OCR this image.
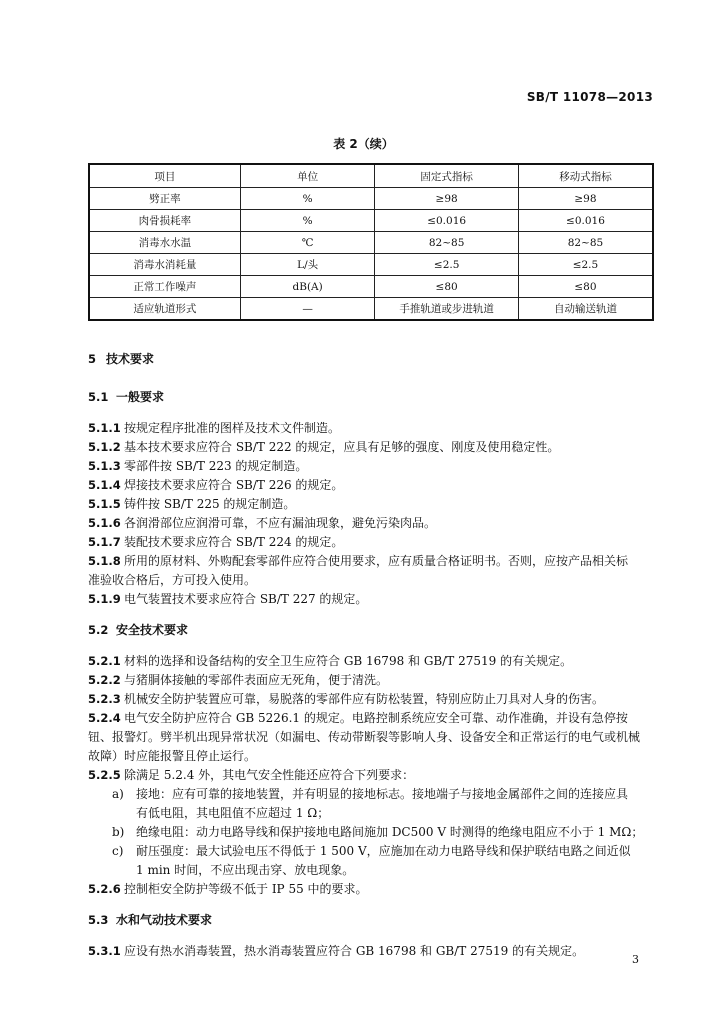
SB/T 11078—2013
表 2（续）
项目	单位	固定式指标	移动式指标
劈正率	%	≥98	≥98
肉骨损耗率	%	≤0.016	≤0.016
消毒水水温	℃	82~85	82~85
消毒水消耗量	L/头	≤2.5	≤2.5
正常工作噪声	dB(A)	≤80	≤80
适应轨道形式	—	手推轨道或步进轨道	自动输送轨道

5 技术要求

5.1 一般要求

5.1.1 按规定程序批准的图样及技术文件制造。

5.1.2 基本技术要求应符合 SB/T 222 的规定，应具有足够的强度、刚度及使用稳定性。

5.1.3 零部件按 SB/T 223 的规定制造。

5.1.4 焊接技术要求应符合 SB/T 226 的规定。

5.1.5 铸件按 SB/T 225 的规定制造。

5.1.6 各润滑部位应润滑可靠，不应有漏油现象，避免污染肉品。

5.1.7 装配技术要求应符合 SB/T 224 的规定。

5.1.8 所用的原材料、外购配套零部件应符合使用要求，应有质量合格证明书。否则，应按产品相关标

准验收合格后，方可投入使用。

5.1.9 电气装置技术要求应符合 SB/T 227 的规定。

5.2 安全技术要求

5.2.1 材料的选择和设备结构的安全卫生应符合 GB 16798 和 GB/T 27519 的有关规定。

5.2.2 与猪胴体接触的零部件表面应无死角，便于清洗。

5.2.3 机械安全防护装置应可靠，易脱落的零部件应有防松装置，特别应防止刀具对人身的伤害。

5.2.4 电气安全防护应符合 GB 5226.1 的规定。电路控制系统应安全可靠、动作准确，并设有急停按

钮、报警灯。劈半机出现异常状况（如漏电、传动带断裂等影响人身、设备安全和正常运行的电气或机械

故障）时应能报警且停止运行。

5.2.5 除满足 5.2.4 外，其电气安全性能还应符合下列要求：

a) 接地：应有可靠的接地装置，并有明显的接地标志。接地端子与接地金属部件之间的连接应具

有低电阻，其电阻值不应超过 1 Ω；

b) 绝缘电阻：动力电路导线和保护接地电路间施加 DC500 V 时测得的绝缘电阻应不小于 1 MΩ；

c) 耐压强度：最大试验电压不得低于 1 500 V，应施加在动力电路导线和保护联结电路之间近似

1 min 时间，不应出现击穿、放电现象。

5.2.6 控制柜安全防护等级不低于 IP 55 中的要求。

5.3 水和气动技术要求

5.3.1 应设有热水消毒装置，热水消毒装置应符合 GB 16798 和 GB/T 27519 的有关规定。

3
